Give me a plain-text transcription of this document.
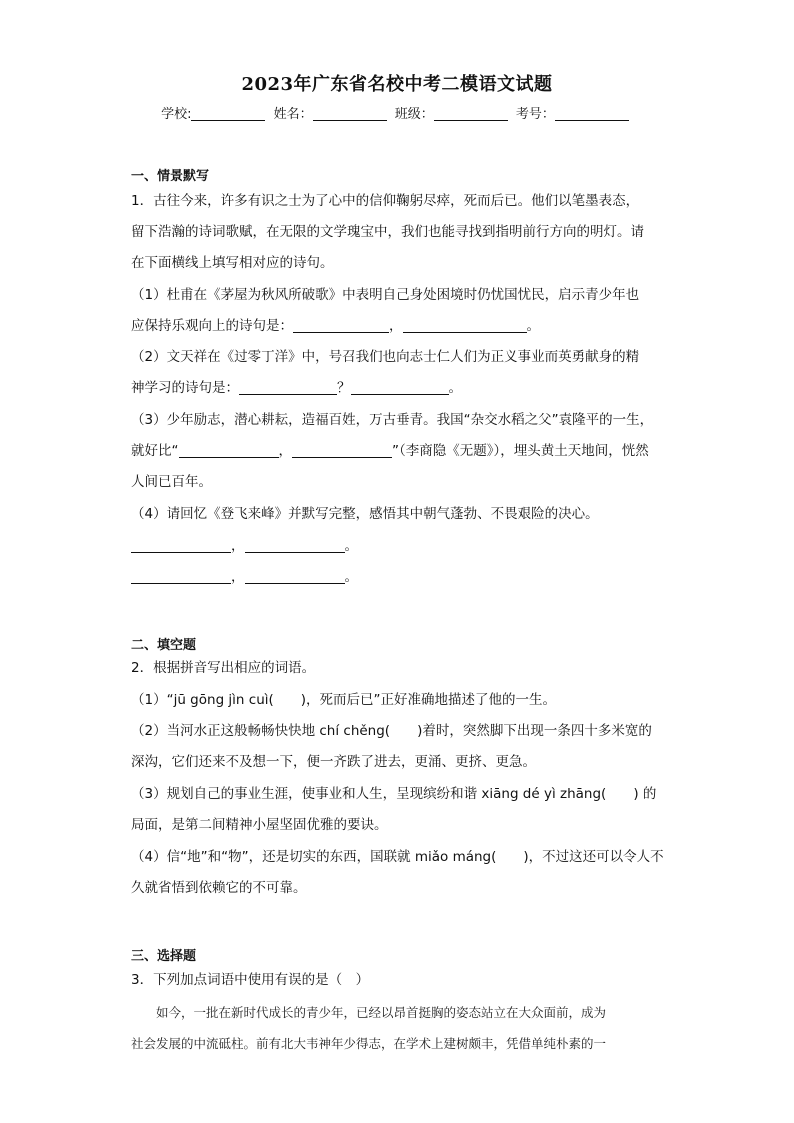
2023年广东省名校中考二模语文试题
学校:	姓名：	班级：	考号：
一、情景默写
1．古往今来，许多有识之士为了心中的信仰鞠躬尽瘁，死而后已。他们以笔墨表态，
留下浩瀚的诗词歌赋，在无限的文学瑰宝中，我们也能寻找到指明前行方向的明灯。请
在下面横线上填写相对应的诗句。
（1）杜甫在《茅屋为秋风所破歌》中表明自己身处困境时仍忧国忧民，启示青少年也
应保持乐观向上的诗句是：	，	。
（2）文天祥在《过零丁洋》中，号召我们也向志士仁人们为正义事业而英勇献身的精
神学习的诗句是：	？	。
（3）少年励志，潜心耕耘，造福百姓，万古垂青。我国“杂交水稻之父”袁隆平的一生，
就好比“	，	”（李商隐《无题》），埋头黄土天地间，恍然
人间已百年。
（4）请回忆《登飞来峰》并默写完整，感悟其中朝气蓬勃、不畏艰险的决心。
，	。
，	。
二、填空题
2．根据拼音写出相应的词语。
（1）“jū gōng jìn cuì(　　)，死而后已”正好准确地描述了他的一生。
（2）当河水正这般畅畅快快地 chí chěng(　　)着时，突然脚下出现一条四十多米宽的
深沟，它们还来不及想一下，便一齐跌了进去，更涌、更挤、更急。
（3）规划自己的事业生涯，使事业和人生，呈现缤纷和谐 xiāng dé yì zhāng(　　) 的
局面，是第二间精神小屋坚固优雅的要诀。
（4）信“地”和“物”，还是切实的东西，国联就 miǎo máng(　　)，不过这还可以令人不
久就省悟到依赖它的不可靠。
三、选择题
3．下列加点词语中使用有误的是（　）
　　如今，一批在新时代成长的青少年，已经以昂首挺胸的姿态站立在大众面前，成为
社会发展的中流砥柱。前有北大韦神年少得志，在学术上建树颇丰，凭借单纯朴素的一
